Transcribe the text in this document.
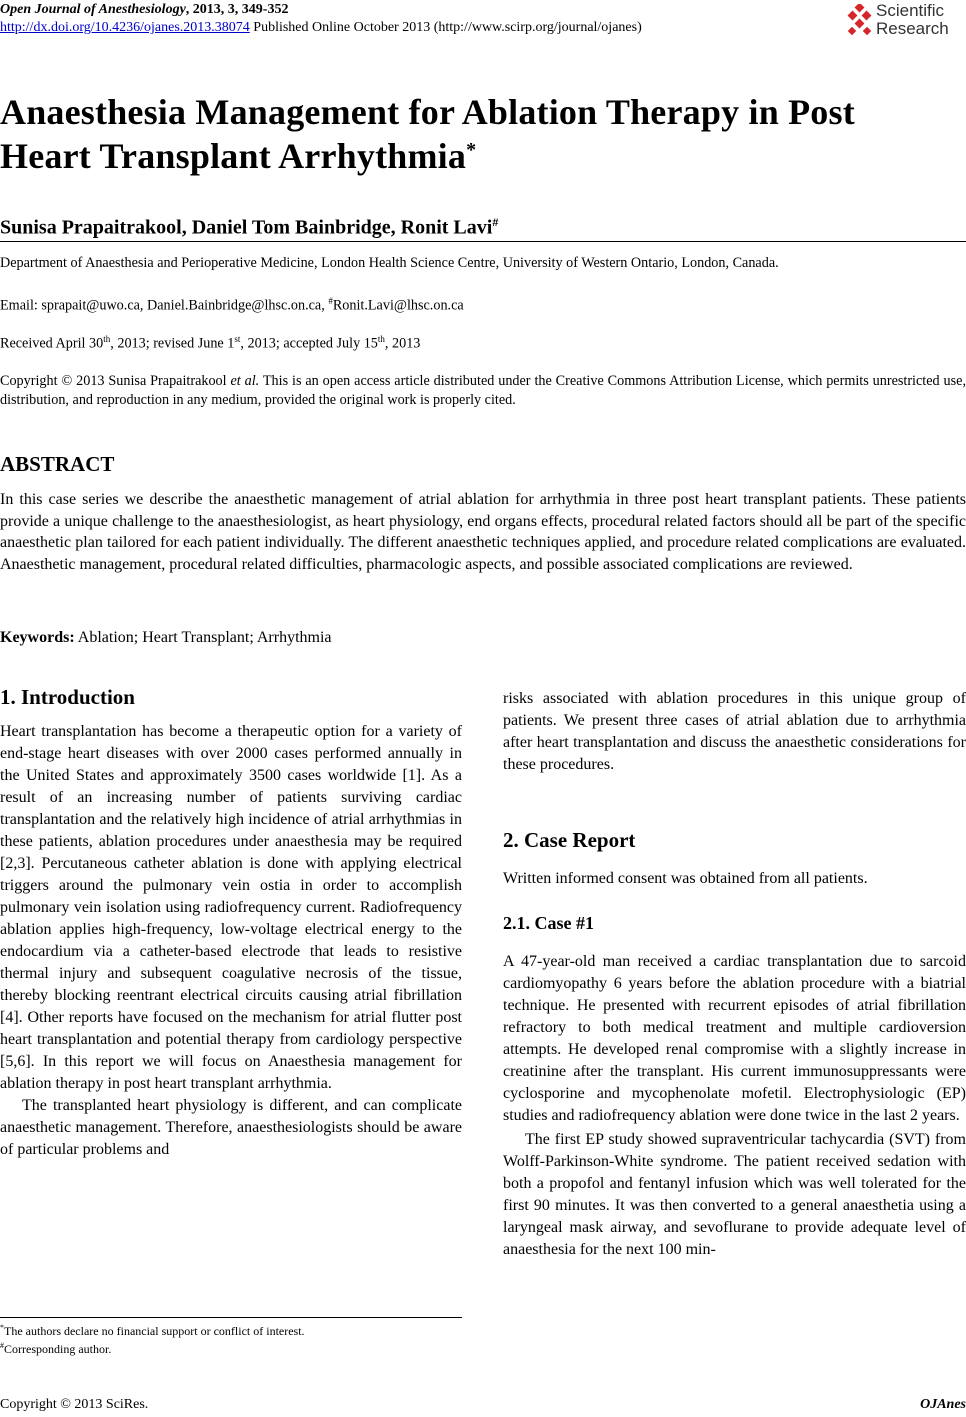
Open Journal of Anesthesiology, 2013, 3, 349-352
http://dx.doi.org/10.4236/ojanes.2013.38074 Published Online October 2013 (http://www.scirp.org/journal/ojanes)
Scientific
Research
Anaesthesia Management for Ablation Therapy in Post
Heart Transplant Arrhythmia*
Sunisa Prapaitrakool, Daniel Tom Bainbridge, Ronit Lavi#
Department of Anaesthesia and Perioperative Medicine, London Health Science Centre, University of Western Ontario, London, Canada.
Email: sprapait@uwo.ca, Daniel.Bainbridge@lhsc.on.ca, #Ronit.Lavi@lhsc.on.ca
Received April 30th, 2013; revised June 1st, 2013; accepted July 15th, 2013
Copyright © 2013 Sunisa Prapaitrakool et al. This is an open access article distributed under the Creative Commons Attribution License, which permits unrestricted use, distribution, and reproduction in any medium, provided the original work is properly cited.
ABSTRACT
In this case series we describe the anaesthetic management of atrial ablation for arrhythmia in three post heart transplant patients. These patients provide a unique challenge to the anaesthesiologist, as heart physiology, end organs effects, procedural related factors should all be part of the specific anaesthetic plan tailored for each patient individually. The different anaesthetic techniques applied, and procedure related complications are evaluated. Anaesthetic management, procedural related difficulties, pharmacologic aspects, and possible associated complications are reviewed.
Keywords: Ablation; Heart Transplant; Arrhythmia
1. Introduction

Heart transplantation has become a therapeutic option for a variety of end-stage heart diseases with over 2000 cases performed annually in the United States and approximately 3500 cases worldwide [1]. As a result of an increasing number of patients surviving cardiac transplantation and the relatively high incidence of atrial arrhythmias in these patients, ablation procedures under anaesthesia may be required [2,3]. Percutaneous catheter ablation is done with applying electrical triggers around the pulmonary vein ostia in order to accomplish pulmonary vein isolation using radiofrequency current. Radiofrequency ablation applies high-frequency, low-voltage electrical energy to the endocardium via a catheter-based electrode that leads to resistive thermal injury and subsequent coagulative necrosis of the tissue, thereby blocking reentrant electrical circuits causing atrial fibrillation [4]. Other reports have focused on the mechanism for atrial flutter post heart transplantation and potential therapy from cardiology perspective [5,6]. In this report we will focus on Anaesthesia management for ablation therapy in post heart transplant arrhythmia.

The transplanted heart physiology is different, and can complicate anaesthetic management. Therefore, anaesthesiologists should be aware of particular problems and

risks associated with ablation procedures in this unique group of patients. We present three cases of atrial ablation due to arrhythmia after heart transplantation and discuss the anaesthetic considerations for these procedures.

2. Case Report
Written informed consent was obtained from all patients.
2.1. Case #1

A 47-year-old man received a cardiac transplantation due to sarcoid cardiomyopathy 6 years before the ablation procedure with a biatrial technique. He presented with recurrent episodes of atrial fibrillation refractory to both medical treatment and multiple cardioversion attempts. He developed renal compromise with a slightly increase in creatinine after the transplant. His current immunosuppressants were cyclosporine and mycophenolate mofetil. Electrophysiologic (EP) studies and radiofrequency ablation were done twice in the last 2 years.

The first EP study showed supraventricular tachycardia (SVT) from Wolff-Parkinson-White syndrome. The patient received sedation with both a propofol and fentanyl infusion which was well tolerated for the first 90 minutes. It was then converted to a general anaesthetia using a laryngeal mask airway, and sevoflurane to provide adequate level of anaesthesia for the next 100 min-

*The authors declare no financial support or conflict of interest.
#Corresponding author.
Copyright © 2013 SciRes.	OJAnes
